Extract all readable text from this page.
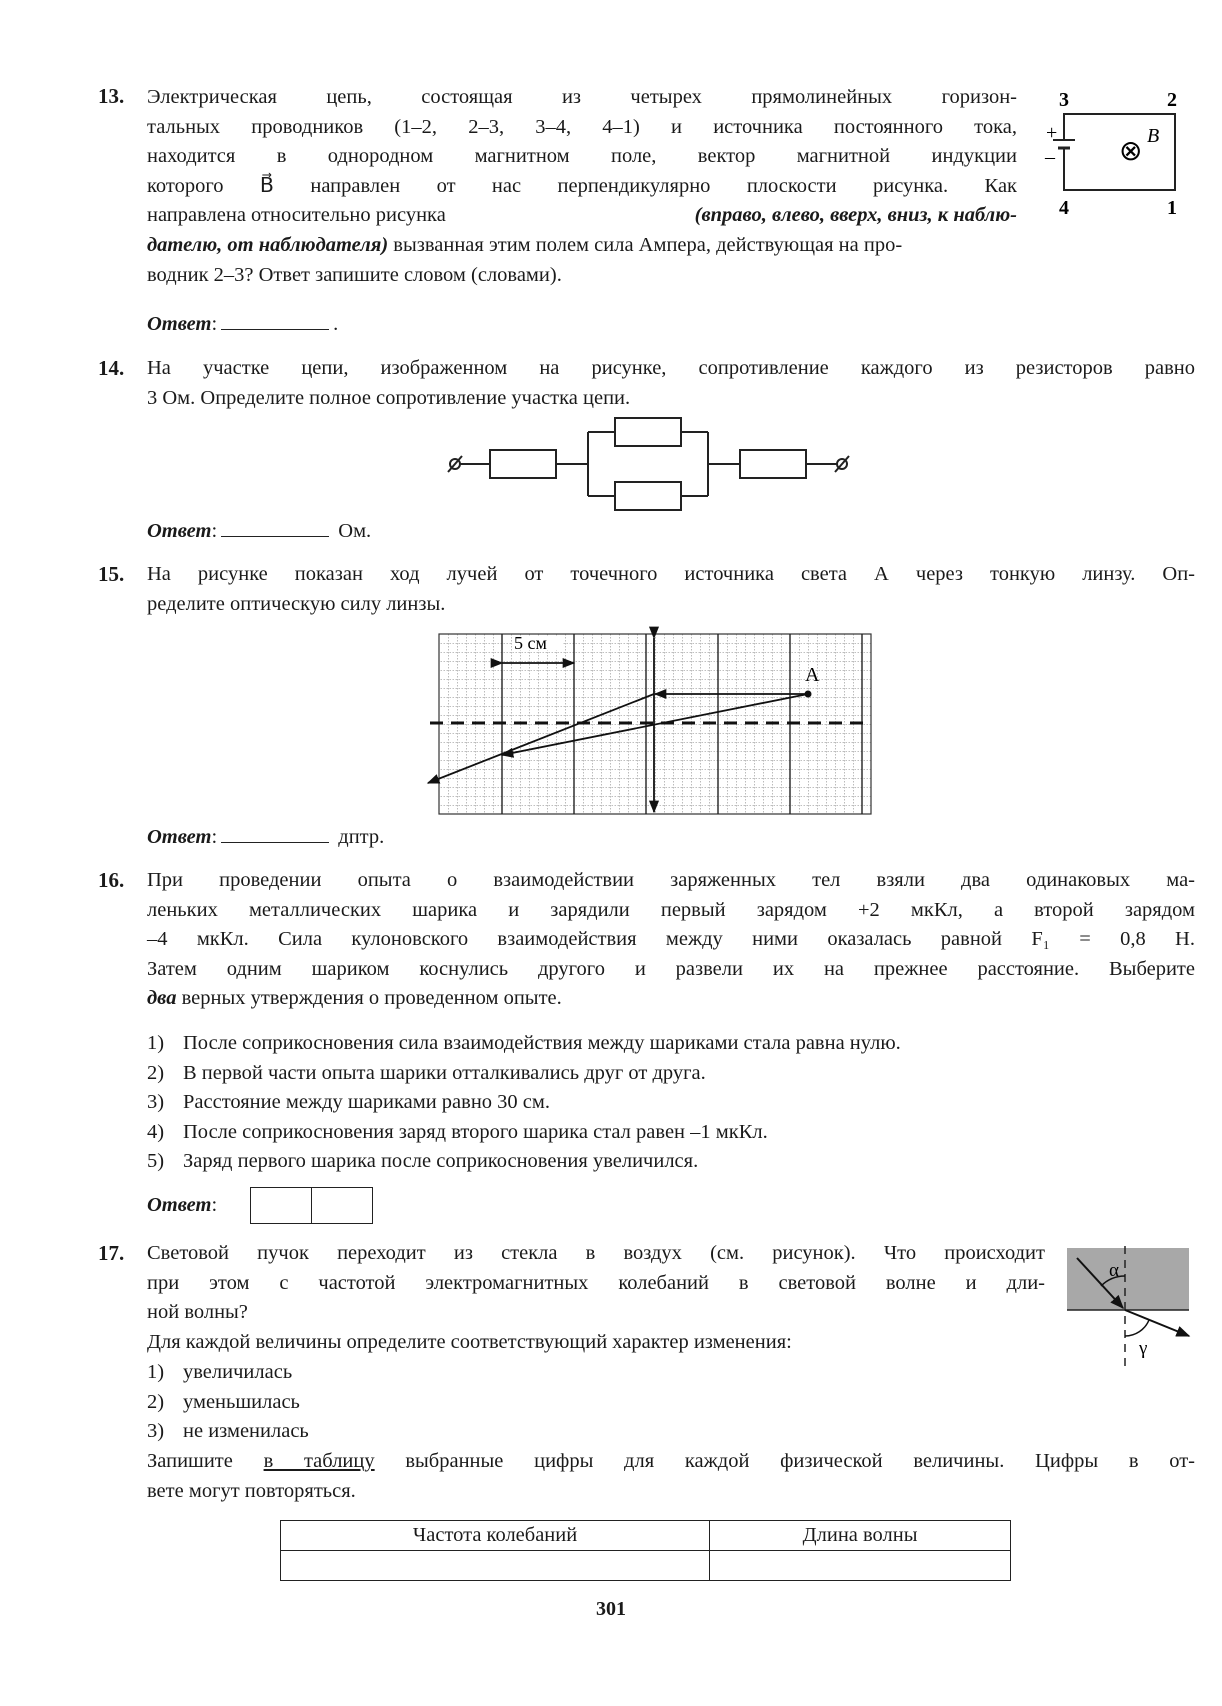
13. Электрическая цепь, состоящая из четырех прямолинейных горизон-
тальных проводников (1–2, 2–3, 3–4, 4–1) и источника постоянного тока,
находится в однородном магнитном поле, вектор магнитной индукции
которого B⃗ направлен от нас перпендикулярно плоскости рисунка. Как
направлена относительно рисунка	(вправо, влево, вверх, вниз, к наблю-
дателю, от наблюдателя) вызванная этим полем сила Ампера, действующая на про-
водник 2–3? Ответ запишите словом (словами).
Ответ:	.
3	2
4	1
+
– ⊗ B⃗
14. На участке цепи, изображенном на рисунке, сопротивление каждого из резисторов равно
3 Ом. Определите полное сопротивление участка цепи.
Ответ:	Ом.
15. На рисунке показан ход лучей от точечного источника света А через тонкую линзу. Оп-
ределите оптическую силу линзы.
5 см
A
Ответ:	дптр.
16. При проведении опыта о взаимодействии заряженных тел взяли два одинаковых ма-
леньких металлических шарика и зарядили первый зарядом +2 мкКл, а второй зарядом
–4 мкКл. Сила кулоновского взаимодействия между ними оказалась равной F₁ = 0,8 Н.
Затем одним шариком коснулись другого и развели их на прежнее расстояние. Выберите
два верных утверждения о проведенном опыте.
1) После соприкосновения сила взаимодействия между шариками стала равна нулю.
2) В первой части опыта шарики отталкивались друг от друга.
3) Расстояние между шариками равно 30 см.
4) После соприкосновения заряд второго шарика стал равен –1 мкКл.
5) Заряд первого шарика после соприкосновения увеличился.
Ответ:
17. Световой пучок переходит из стекла в воздух (см. рисунок). Что происходит
при этом с частотой электромагнитных колебаний в световой волне и дли-
ной волны?
Для каждой величины определите соответствующий характер изменения:
1) увеличилась
2) уменьшилась
3) не изменилась
Запишите в таблицу выбранные цифры для каждой физической величины. Цифры в от-
вете могут повторяться.
α
γ
Частота колебаний	Длина волны

301
